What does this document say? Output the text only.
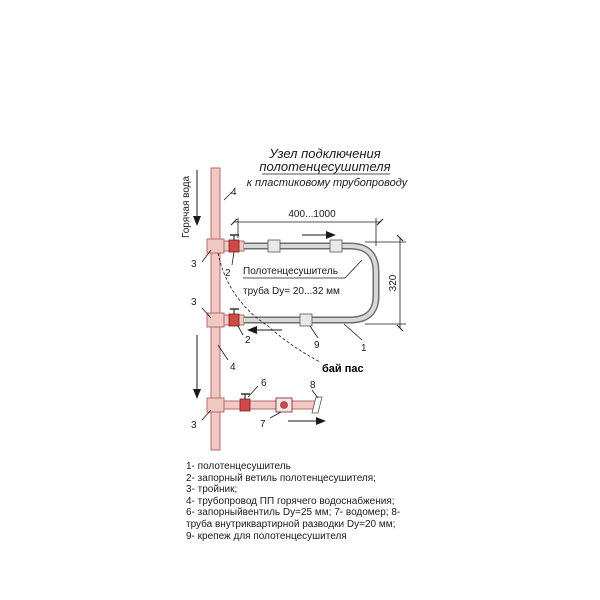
Узел подключения
полотенцесушителя
к пластиковому трубопроводу
Горячая вода	400...1000
320
Полотенцесушитель
труба Dy= 20...32 мм
бай пас
4
4
3
3
3
2
2
1
9
6
7
8
1- полотенцесушитель
2- запорный ветиль полотенцесушителя;
3- тройник;
4- трубопровод ПП горячего водоснабжения;
6- запорныйвентиль Dy=25 мм; 7- водомер; 8-
труба внутриквартирной разводки Dy=20 мм;
9- крепеж для полотенцесушителя
